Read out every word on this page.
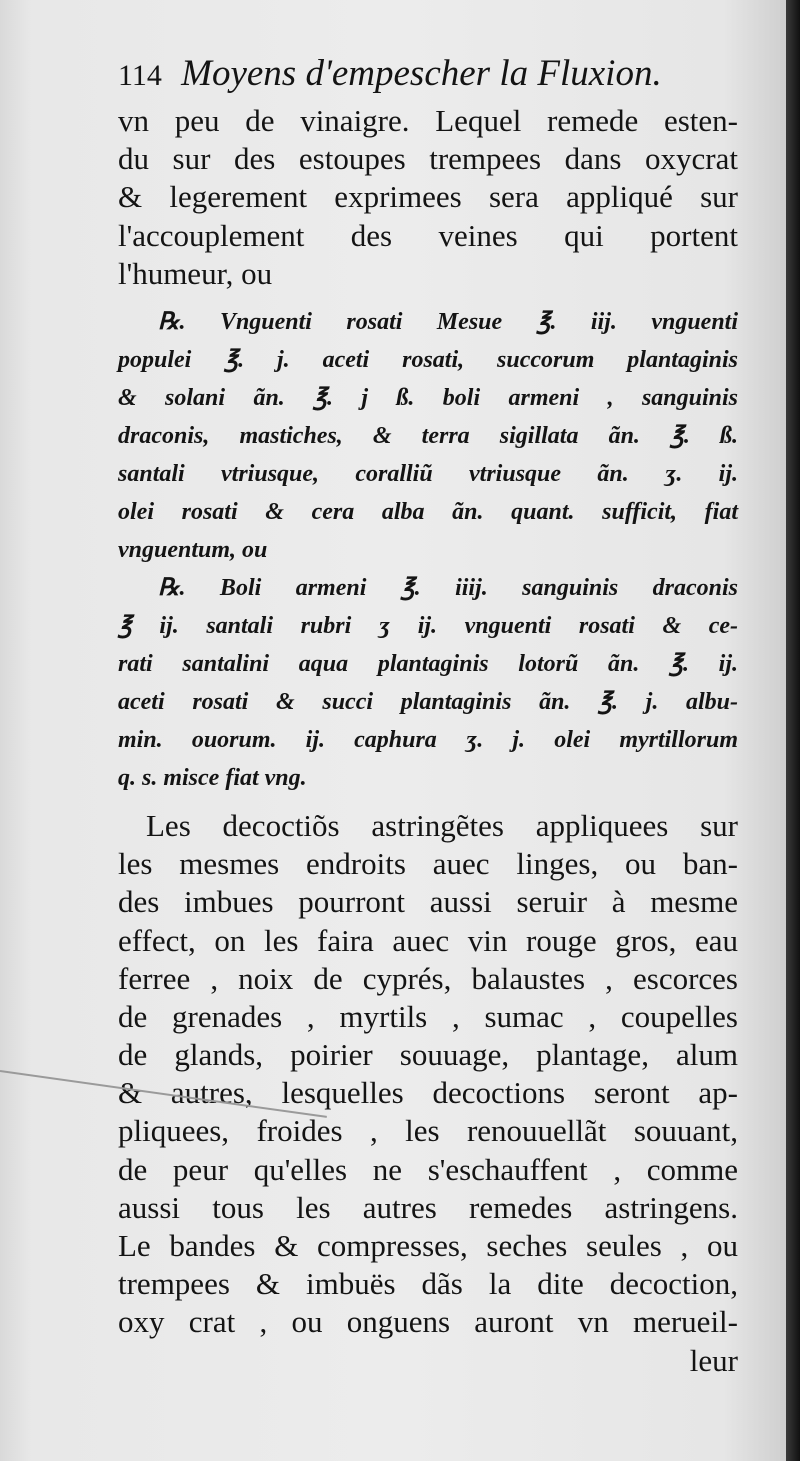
114 Moyens d'empescher la Fluxion.
vn peu de vinaigre. Lequel remede esten-
du sur des estoupes trempees dans oxycrat
& legerement exprimees sera appliqué sur
l'accouplement des veines qui portent
l'humeur, ou
℞. Vnguenti rosati Mesue ℥. iij. vnguenti
populei ℥. j. aceti rosati, succorum plantaginis
& solani ãn. ℥. j ß. boli armeni , sanguinis
draconis, mastiches, & terra sigillata ãn. ℥. ß.
santali vtriusque, coralliũ vtriusque ãn. ʒ. ij.
olei rosati & cera alba ãn. quant. sufficit, fiat
vnguentum, ou
℞. Boli armeni ℥. iiij. sanguinis draconis
℥ ij. santali rubri ʒ ij. vnguenti rosati & ce-
rati santalini aqua plantaginis lotorũ ãn. ℥. ij.
aceti rosati & succi plantaginis ãn. ℥. j. albu-
min. ouorum. ij. caphura ʒ. j. olei myrtillorum
q. s. misce fiat vng.
Les decoctiõs astringẽtes appliquees sur
les mesmes endroits auec linges, ou ban-
des imbues pourront aussi seruir à mesme
effect, on les faira auec vin rouge gros, eau
ferree , noix de cyprés, balaustes , escorces
de grenades , myrtils , sumac , coupelles
de glands, poirier souuage, plantage, alum
& autres, lesquelles decoctions seront ap-
pliquees, froides , les renouuellãt souuant,
de peur qu'elles ne s'eschauffent , comme
aussi tous les autres remedes astringens.
Le bandes & compresses, seches seules , ou
trempees & imbuës dãs la dite decoction,
oxy crat , ou onguens auront vn merueil-
leur
